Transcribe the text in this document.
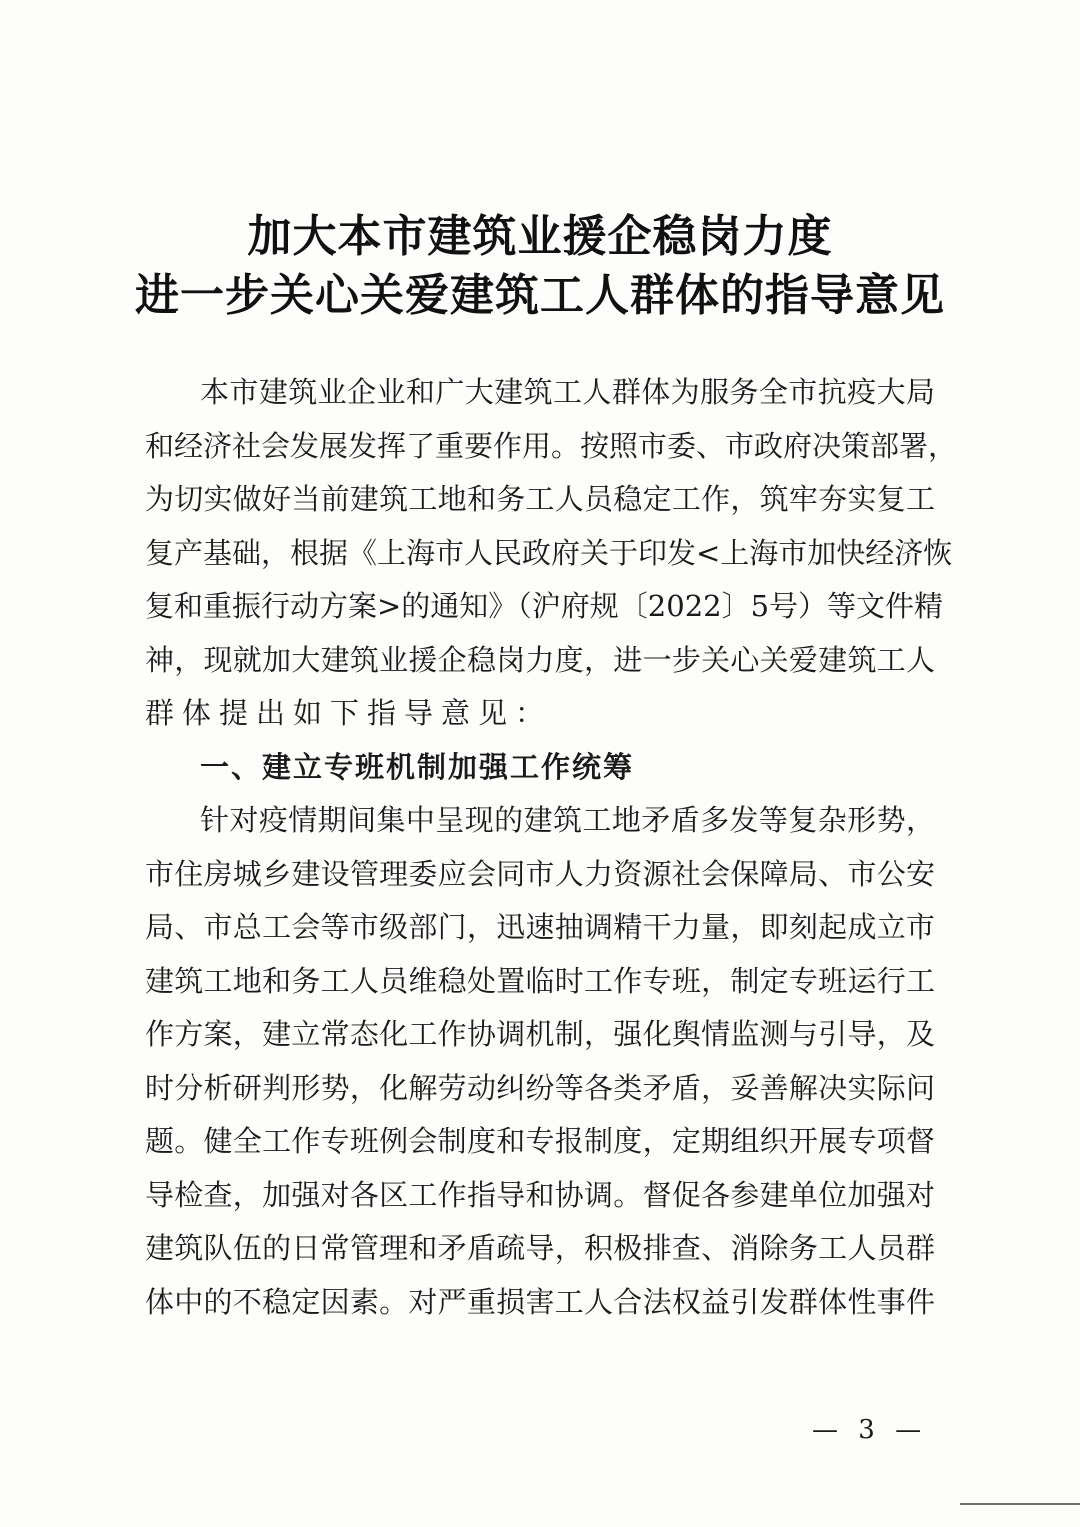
加大本市建筑业援企稳岗力度
进一步关心关爱建筑工人群体的指导意见
本市建筑业企业和广大建筑工人群体为服务全市抗疫大局
和经济社会发展发挥了重要作用。按照市委、市政府决策部署，
为切实做好当前建筑工地和务工人员稳定工作，筑牢夯实复工
复产基础，根据《上海市人民政府关于印发<上海市加快经济恢
复和重振行动方案>的通知》（沪府规〔2022〕5号）等文件精
神，现就加大建筑业援企稳岗力度，进一步关心关爱建筑工人
群体提出如下指导意见：
一、建立专班机制加强工作统筹
针对疫情期间集中呈现的建筑工地矛盾多发等复杂形势，
市住房城乡建设管理委应会同市人力资源社会保障局、市公安
局、市总工会等市级部门，迅速抽调精干力量，即刻起成立市
建筑工地和务工人员维稳处置临时工作专班，制定专班运行工
作方案，建立常态化工作协调机制，强化舆情监测与引导，及
时分析研判形势，化解劳动纠纷等各类矛盾，妥善解决实际问
题。健全工作专班例会制度和专报制度，定期组织开展专项督
导检查，加强对各区工作指导和协调。督促各参建单位加强对
建筑队伍的日常管理和矛盾疏导，积极排查、消除务工人员群
体中的不稳定因素。对严重损害工人合法权益引发群体性事件
— 3 —
